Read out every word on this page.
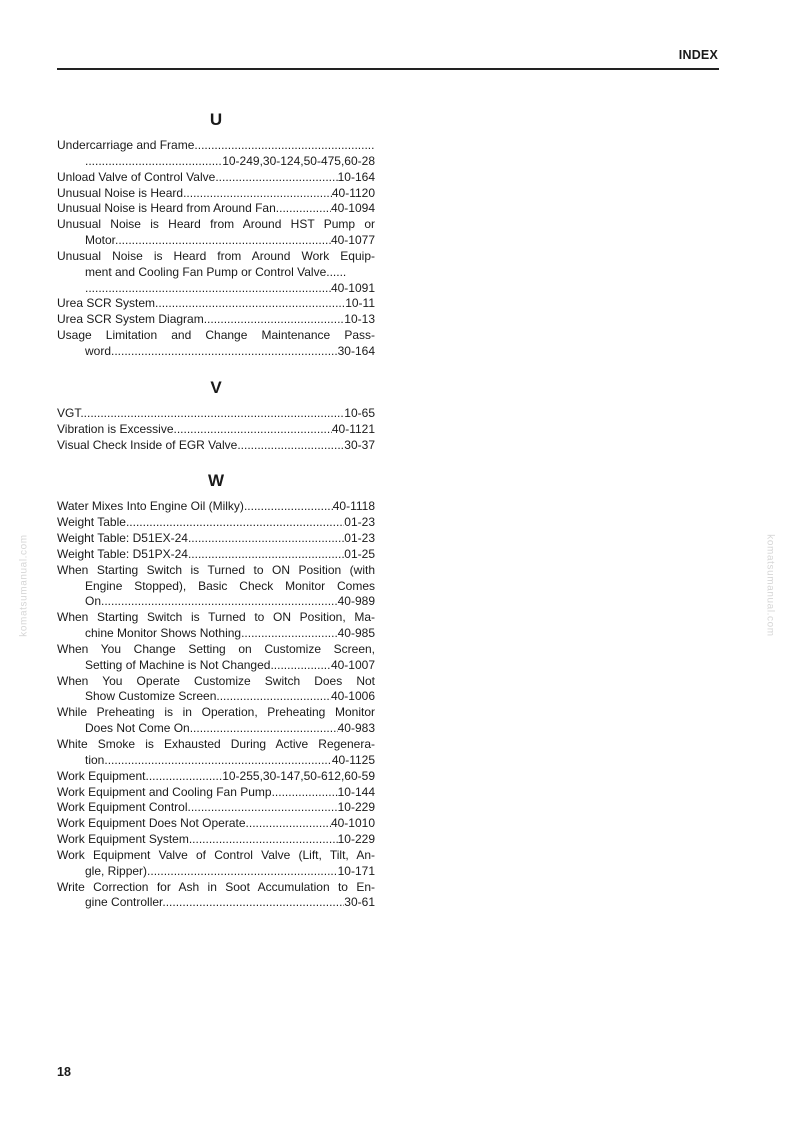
INDEX
komatsumanual.com	komatsumanual.com
U
Undercarriage and Frame .....
.....
10-249,30-124,50-475,60-28
Unload Valve of Control Valve .....	10-164
Unusual Noise is Heard .....	40-1120
Unusual Noise is Heard from Around Fan .....	40-1094
Unusual Noise is Heard from Around HST Pump or
Motor .....	40-1077
Unusual Noise is Heard from Around Work Equip-
ment and Cooling Fan Pump or Control Valve......
.....
40-1091
Urea SCR System .....	10-11
Urea SCR System Diagram .....	10-13
Usage Limitation and Change Maintenance Pass-
word .....	30-164
V
VGT .....	10-65
Vibration is Excessive .....	40-1121
Visual Check Inside of EGR Valve .....	30-37
W
Water Mixes Into Engine Oil (Milky) .....	40-1118
Weight Table .....	01-23
Weight Table: D51EX-24 .....	01-23
Weight Table: D51PX-24 .....	01-25
When Starting Switch is Turned to ON Position (with
Engine Stopped), Basic Check Monitor Comes
On .....	40-989
When Starting Switch is Turned to ON Position, Ma-
chine Monitor Shows Nothing .....	40-985
When You Change Setting on Customize Screen,
Setting of Machine is Not Changed .....	40-1007
When You Operate Customize Switch Does Not
Show Customize Screen .....	40-1006
While Preheating is in Operation, Preheating Monitor
Does Not Come On .....	40-983
White Smoke is Exhausted During Active Regenera-
tion .....	40-1125
Work Equipment .....	10-255,30-147,50-612,60-59
Work Equipment and Cooling Fan Pump .....	10-144
Work Equipment Control .....	10-229
Work Equipment Does Not Operate .....	40-1010
Work Equipment System .....	10-229
Work Equipment Valve of Control Valve (Lift, Tilt, An-
gle, Ripper) .....	10-171
Write Correction for Ash in Soot Accumulation to En-
gine Controller .....	30-61
18
